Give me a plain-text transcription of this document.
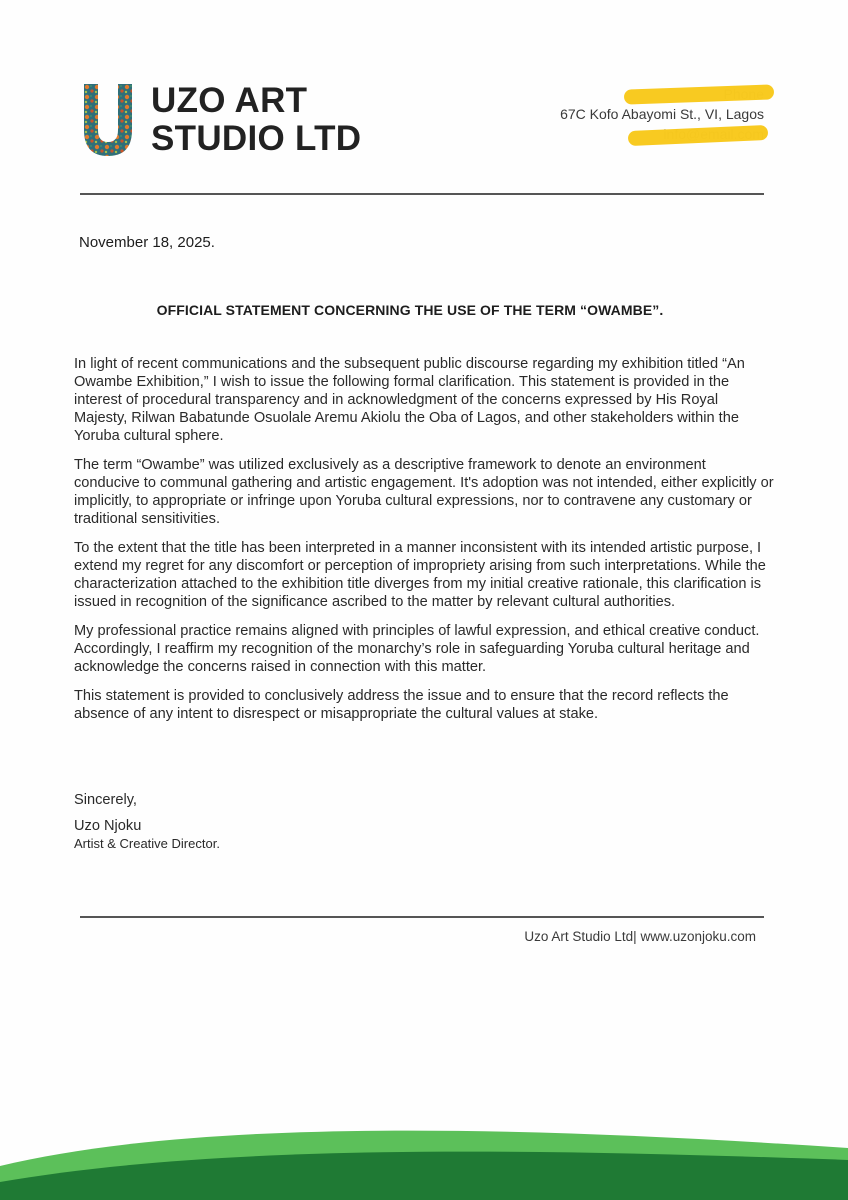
UZO ART
STUDIO LTD
67C Kofo Abayomi St., VI, Lagos
November 18, 2025.
OFFICIAL STATEMENT CONCERNING THE USE OF THE TERM “OWAMBE”.

In light of recent communications and the subsequent public discourse regarding my exhibition titled “An Owambe Exhibition,” I wish to issue the following formal clarification. This statement is provided in the interest of procedural transparency and in acknowledgment of the concerns expressed by His Royal Majesty, Rilwan Babatunde Osuolale Aremu Akiolu the Oba of Lagos, and other stakeholders within the Yoruba cultural sphere.

The term “Owambe” was utilized exclusively as a descriptive framework to denote an environment conducive to communal gathering and artistic engagement. It's adoption was not intended, either explicitly or implicitly, to appropriate or infringe upon Yoruba cultural expressions, nor to contravene any customary or traditional sensitivities.

To the extent that the title has been interpreted in a manner inconsistent with its intended artistic purpose, I extend my regret for any discomfort or perception of impropriety arising from such interpretations. While the characterization attached to the exhibition title diverges from my initial creative rationale, this clarification is issued in recognition of the significance ascribed to the matter by relevant cultural authorities.

My professional practice remains aligned with principles of lawful expression, and ethical creative conduct. Accordingly, I reaffirm my recognition of the monarchy’s role in safeguarding Yoruba cultural heritage and acknowledge the concerns raised in connection with this matter.

This statement is provided to conclusively address the issue and to ensure that the record reflects the absence of any intent to disrespect or misappropriate the cultural values at stake.

Sincerely,
Uzo Njoku
Artist & Creative Director.
Uzo Art Studio Ltd| www.uzonjoku.com
